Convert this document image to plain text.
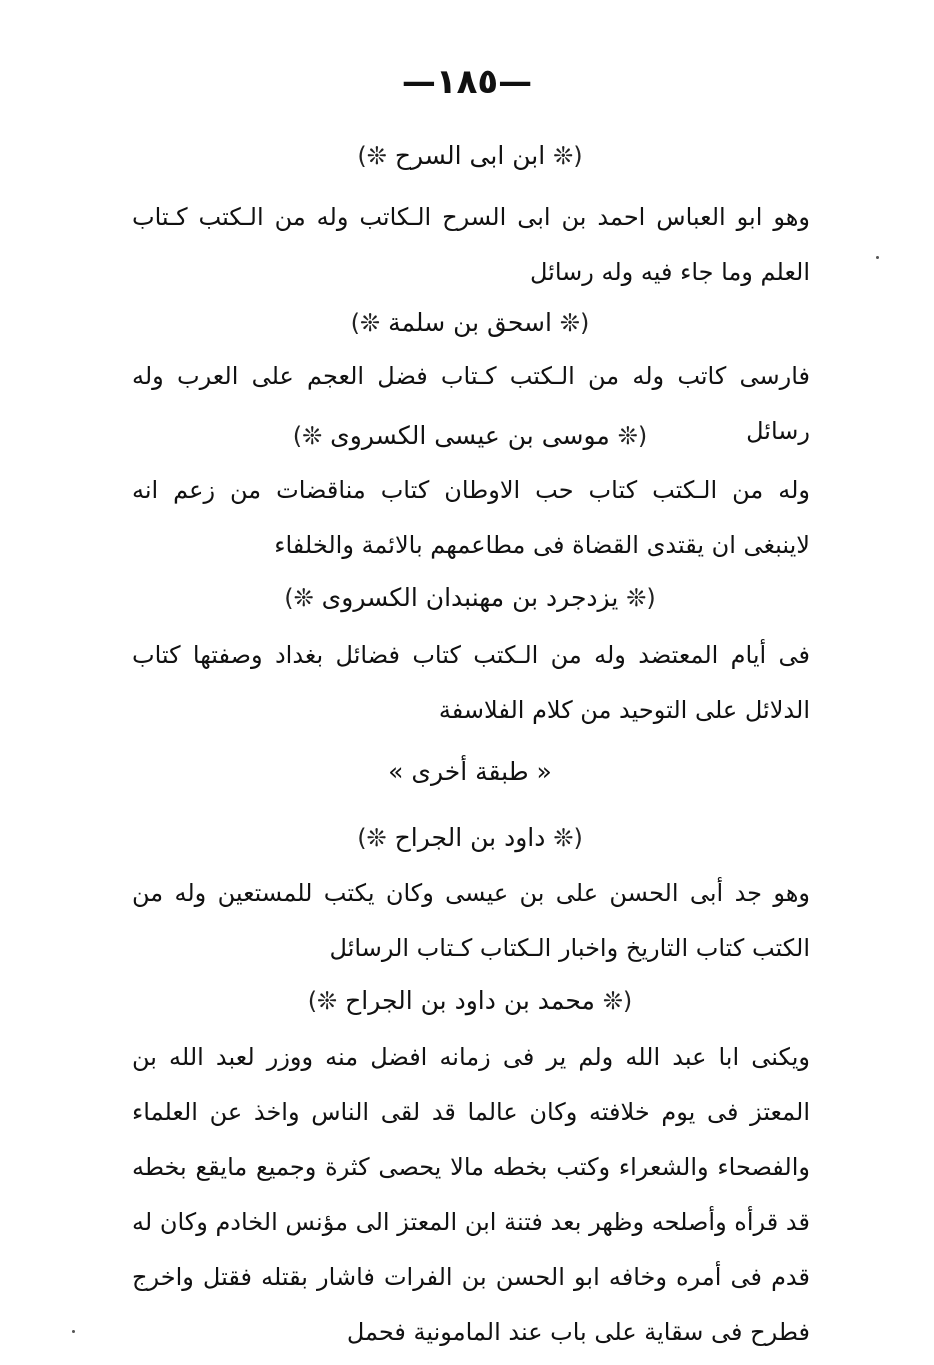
—١٨٥—
(❊ ابن ابى السرح ❊)
وهو ابو العباس احمد بن ابى السرح الـكاتب وله من الـكتب كـتاب العلم وما جاء فيه وله رسائل
(❊ اسحق بن سلمة ❊)
فارسى كاتب وله من الـكتب كـتاب فضل العجم على العرب وله رسائل
(❊ موسى بن عيسى الكسروى ❊)
وله من الـكتب كتاب حب الاوطان كتاب مناقضات من زعم انه لاينبغى ان يقتدى القضاة فى مطاعمهم بالائمة والخلفاء
(❊ يزدجرد بن مهنبدان الكسروى ❊)
فى أيام المعتضد وله من الـكتب كتاب فضائل بغداد وصفتها كتاب الدلائل على التوحيد من كلام الفلاسفة
« طبقة أخرى »
(❊ داود بن الجراح ❊)
وهو جد أبى الحسن على بن عيسى وكان يكتب للمستعين وله من الكتب كتاب التاريخ واخبار الـكتاب كـتاب الرسائل
(❊ محمد بن داود بن الجراح ❊)
ويكنى ابا عبد الله ولم ير فى زمانه افضل منه ووزر لعبد الله بن المعتز فى يوم خلافته وكان عالما قد لقى الناس واخذ عن العلماء والفصحاء والشعراء وكتب بخطه مالا يحصى كثرة وجميع مايقع بخطه قد قرأه وأصلحه وظهر بعد فتنة ابن المعتز الى مؤنس الخادم وكان له قدم فى أمره وخافه ابو الحسن بن الفرات فاشار بقتله فقتل واخرج فطرح فى سقاية على باب عند المامونية فحمل
